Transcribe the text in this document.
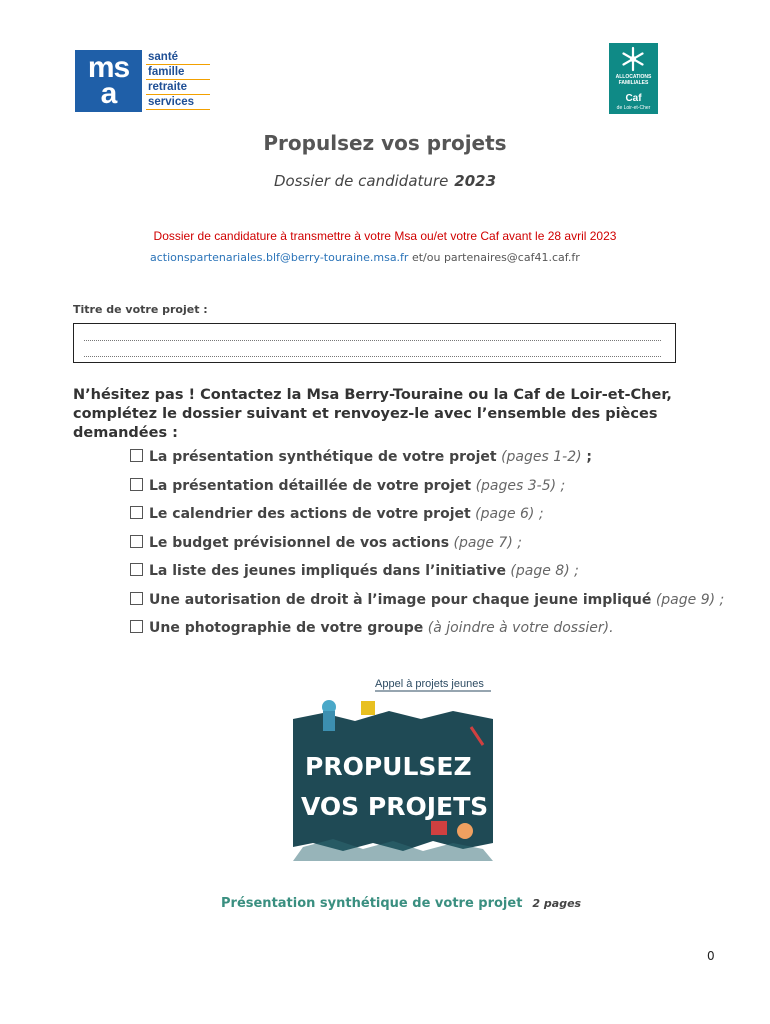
ms
a
santé
famille
retraite
services
ALLOCATIONS FAMILIALES
Caf
de Loir-et-Cher
Propulsez vos projets
Dossier de candidature 2023
Dossier de candidature à transmettre à votre Msa ou/et votre Caf avant le 28 avril 2023
actionspartenariales.blf@berry-touraine.msa.fr et/ou partenaires@caf41.caf.fr
Titre de votre projet :
N’hésitez pas ! Contactez la Msa Berry-Touraine ou la Caf de Loir-et-Cher, complétez le dossier suivant et renvoyez-le avec l’ensemble des pièces demandées :
La présentation synthétique de votre projet (pages 1-2) ;
La présentation détaillée de votre projet (pages 3-5) ;
Le calendrier des actions de votre projet (page 6) ;
Le budget prévisionnel de vos actions (page 7) ;
La liste des jeunes impliqués dans l’initiative (page 8) ;
Une autorisation de droit à l’image pour chaque jeune impliqué (page 9) ;
Une photographie de votre groupe (à joindre à votre dossier).
Appel à projets jeunes
PROPULSEZ
VOS PROJETS
Présentation synthétique de votre projet 2 pages
0
